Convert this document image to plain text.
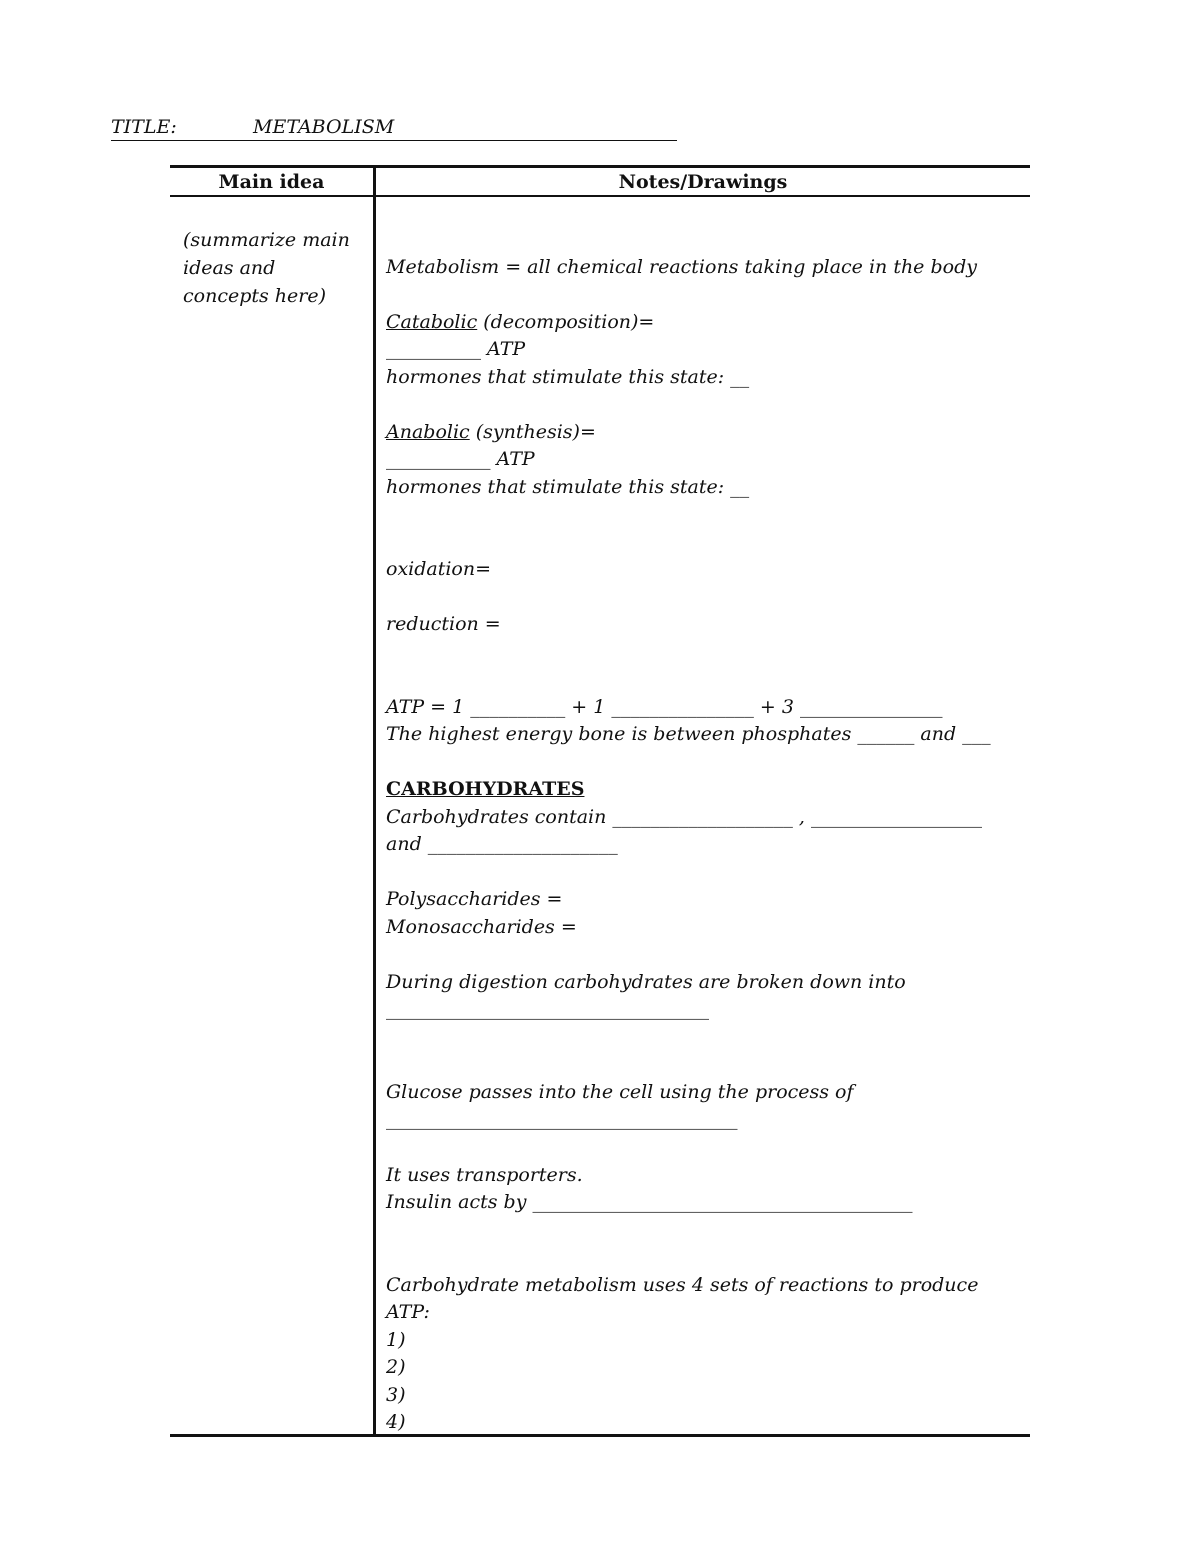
TITLE:	METABOLISM
Main idea	Notes/Drawings
(summarize main
ideas and
concepts here)
Metabolism = all chemical reactions taking place in the body
Catabolic (decomposition)=
__________ ATP
hormones that stimulate this state: __
Anabolic (synthesis)=
___________ ATP
hormones that stimulate this state: __
oxidation=
reduction =
ATP = 1 __________ + 1 _______________ + 3 _______________
The highest energy bone is between phosphates ______ and ___
CARBOHYDRATES
Carbohydrates contain ___________________ , __________________
and ____________________
Polysaccharides =
Monosaccharides =
During digestion carbohydrates are broken down into
__________________________________
Glucose passes into the cell using the process of
_____________________________________
It uses transporters.
Insulin acts by ________________________________________
Carbohydrate metabolism uses 4 sets of reactions to produce
ATP:
1)
2)
3)
4)
